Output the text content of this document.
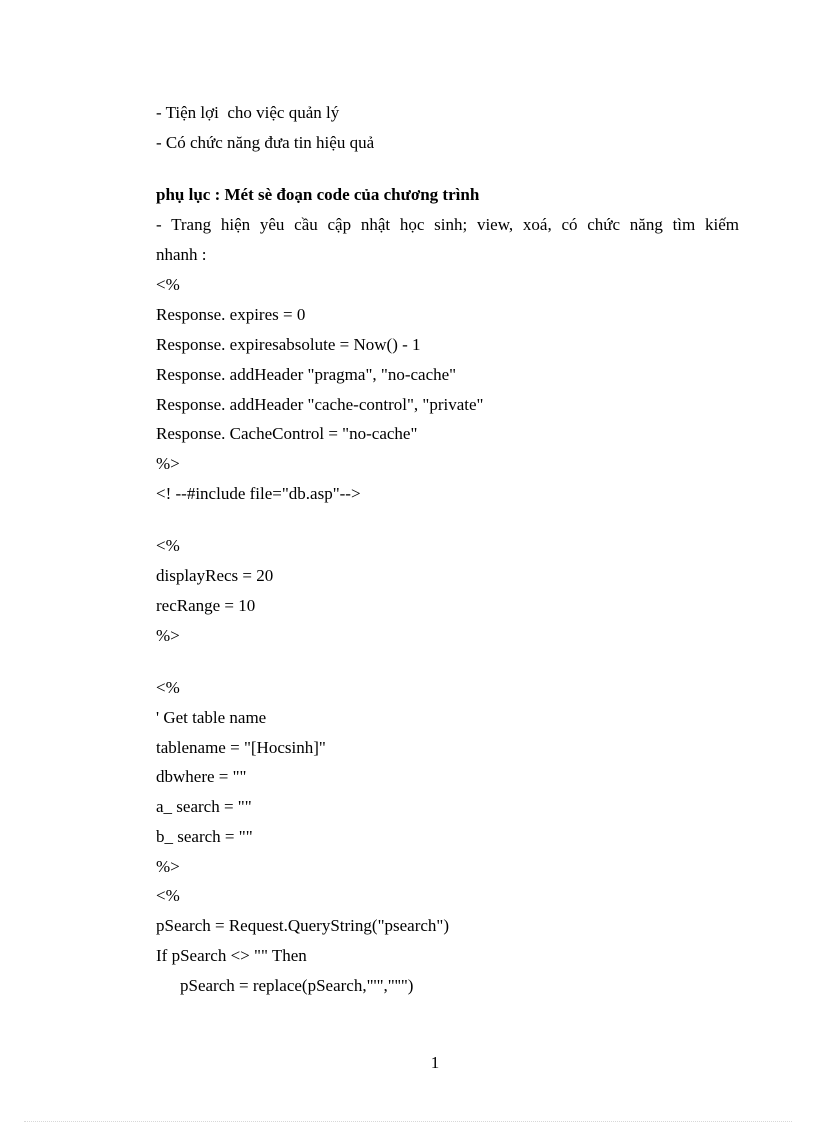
- Tiện lợi  cho việc quản lý
- Có chức năng đưa tin hiệu quả
phụ lục : Mét sè đoạn code của chương trình
- Trang hiện yêu cầu cập nhật học sinh; view, xoá, có chức năng tìm kiếm
nhanh :
<%
Response. expires = 0
Response. expiresabsolute = Now() - 1
Response. addHeader "pragma", "no-cache"
Response. addHeader "cache-control", "private"
Response. CacheControl = "no-cache"
%>
<! --#include file="db.asp"-->
<%
displayRecs = 20
recRange = 10
%>
<%
' Get table name
tablename = "[Hocsinh]"
dbwhere = ""
a_ search = ""
b_ search = ""
%>
<%
pSearch = Request.QueryString("psearch")
If pSearch <> "" Then
pSearch = replace(pSearch,"'","''")
1
